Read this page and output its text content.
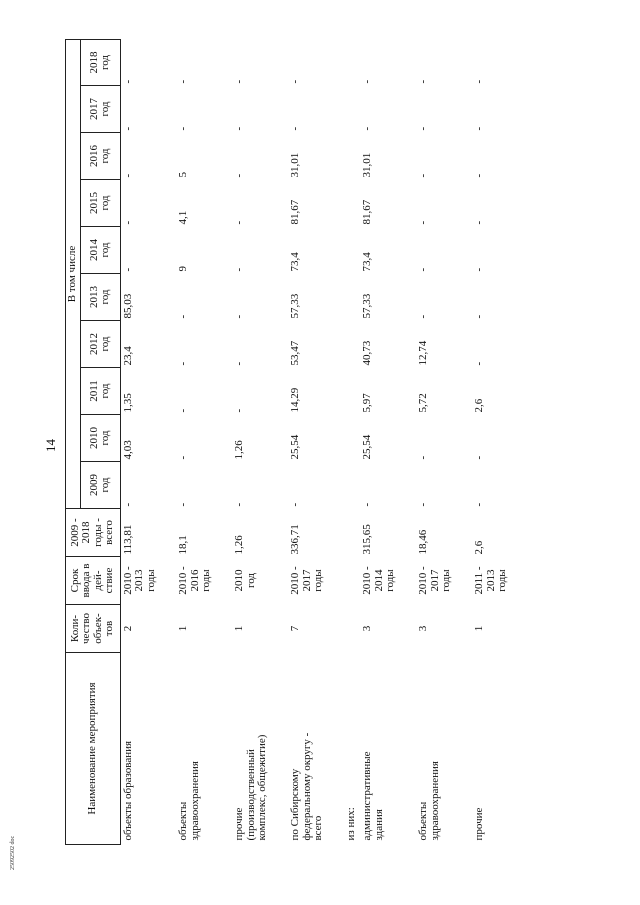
14
25092502 doc
Наименование мероприятия	Коли-
чество
объек-
тов	Срок
ввода в
дей-
ствие	2009 -
2018
годы -
всего	В том числе									
				2009
год	2010
год	2011
год	2012
год	2013
год	2014
год	2015
год	2016
год	2017
год	2018
год
объекты образования	2	2010 -
2013
годы	113,81	-	4,03	1,35	23,4	85,03	-	-	-	-	-
объекты
здравоохранения	1	2010 -
2016
годы	18,1	-	-	-	-	-	9	4,1	5	-	-
прочие
(производственный
комплекс, общежитие)	1	2010
год	1,26	-	1,26	-	-	-	-	-	-	-	-
по Сибирскому
федеральному округу -
всего	7	2010 -
2017
годы	336,71	-	25,54	14,29	53,47	57,33	73,4	81,67	31,01	-	-
из них:													
административные
здания	3	2010 -
2014
годы	315,65	-	25,54	5,97	40,73	57,33	73,4	81,67	31,01	-	-
объекты
здравоохранения	3	2010 -
2017
годы	18,46	-	-	5,72	12,74	-	-	-	-	-	-
прочие	1	2011 -
2013
годы	2,6	-	-	2,6	-	-	-	-	-	-	-
